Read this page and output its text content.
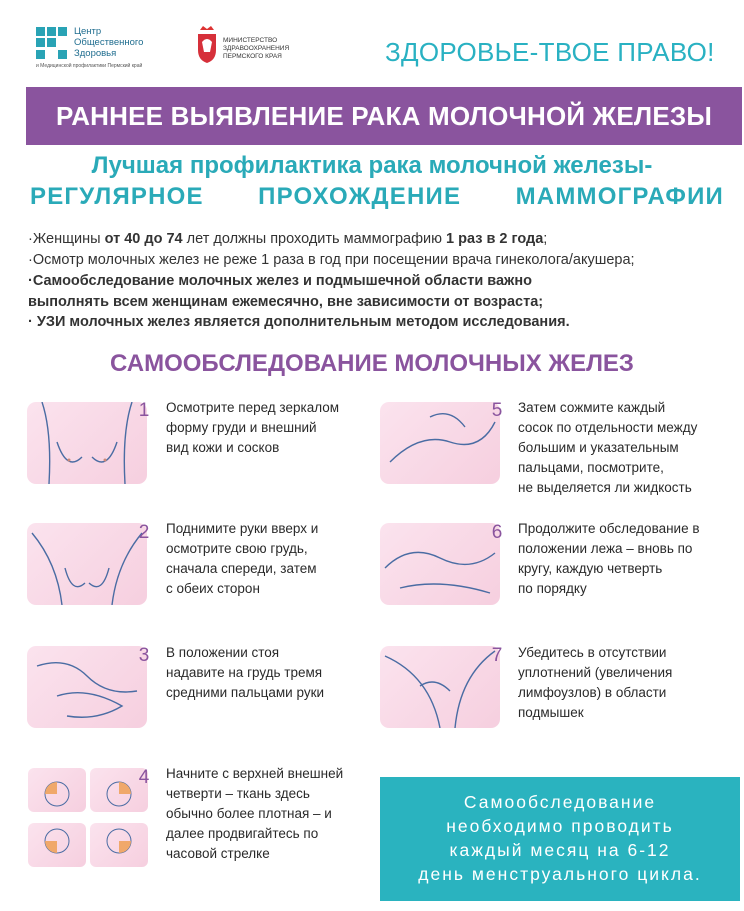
Центр Общественного Здоровья
и Медицинской профилактики Пермский край
МИНИСТЕРСТВО ЗДРАВООХРАНЕНИЯ ПЕРМСКОГО КРАЯ	ЗДОРОВЬЕ-ТВОЕ ПРАВО!
РАННЕЕ ВЫЯВЛЕНИЕ РАКА МОЛОЧНОЙ ЖЕЛЕЗЫ
Лучшая профилактика рака молочной железы-
РЕГУЛЯРНОЕ ПРОХОЖДЕНИЕ МАММОГРАФИИ
·Женщины от 40 до 74 лет должны проходить маммографию 1 раз в 2 года;
·Осмотр молочных желез не реже 1 раза в год при посещении врача гинеколога/акушера;
·Самообследование молочных желез и подмышечной области важно
выполнять всем женщинам ежемесячно, вне зависимости от возраста;
· УЗИ молочных желез является дополнительным методом исследования.
САМООБСЛЕДОВАНИЕ МОЛОЧНЫХ ЖЕЛЕЗ
1	Осмотрите перед зеркалом
форму груди и внешний
вид кожи и сосков
2	Поднимите руки вверх и
осмотрите свою грудь,
сначала спереди, затем
с обеих сторон
3	В положении стоя
надавите на грудь тремя
средними пальцами руки
4	Начните с верхней внешней
четверти – ткань здесь
обычно более плотная – и
далее продвигайтесь по
часовой стрелке
5	Затем сожмите каждый
сосок по отдельности между
большим и указательным
пальцами, посмотрите,
не выделяется ли жидкость
6	Продолжите обследование в
положении лежа – вновь по
кругу, каждую четверть
по порядку
7	Убедитесь в отсутствии
уплотнений (увеличения
лимфоузлов) в области
подмышек
Самообследование
необходимо проводить
каждый месяц на 6-12
день менструального цикла.
